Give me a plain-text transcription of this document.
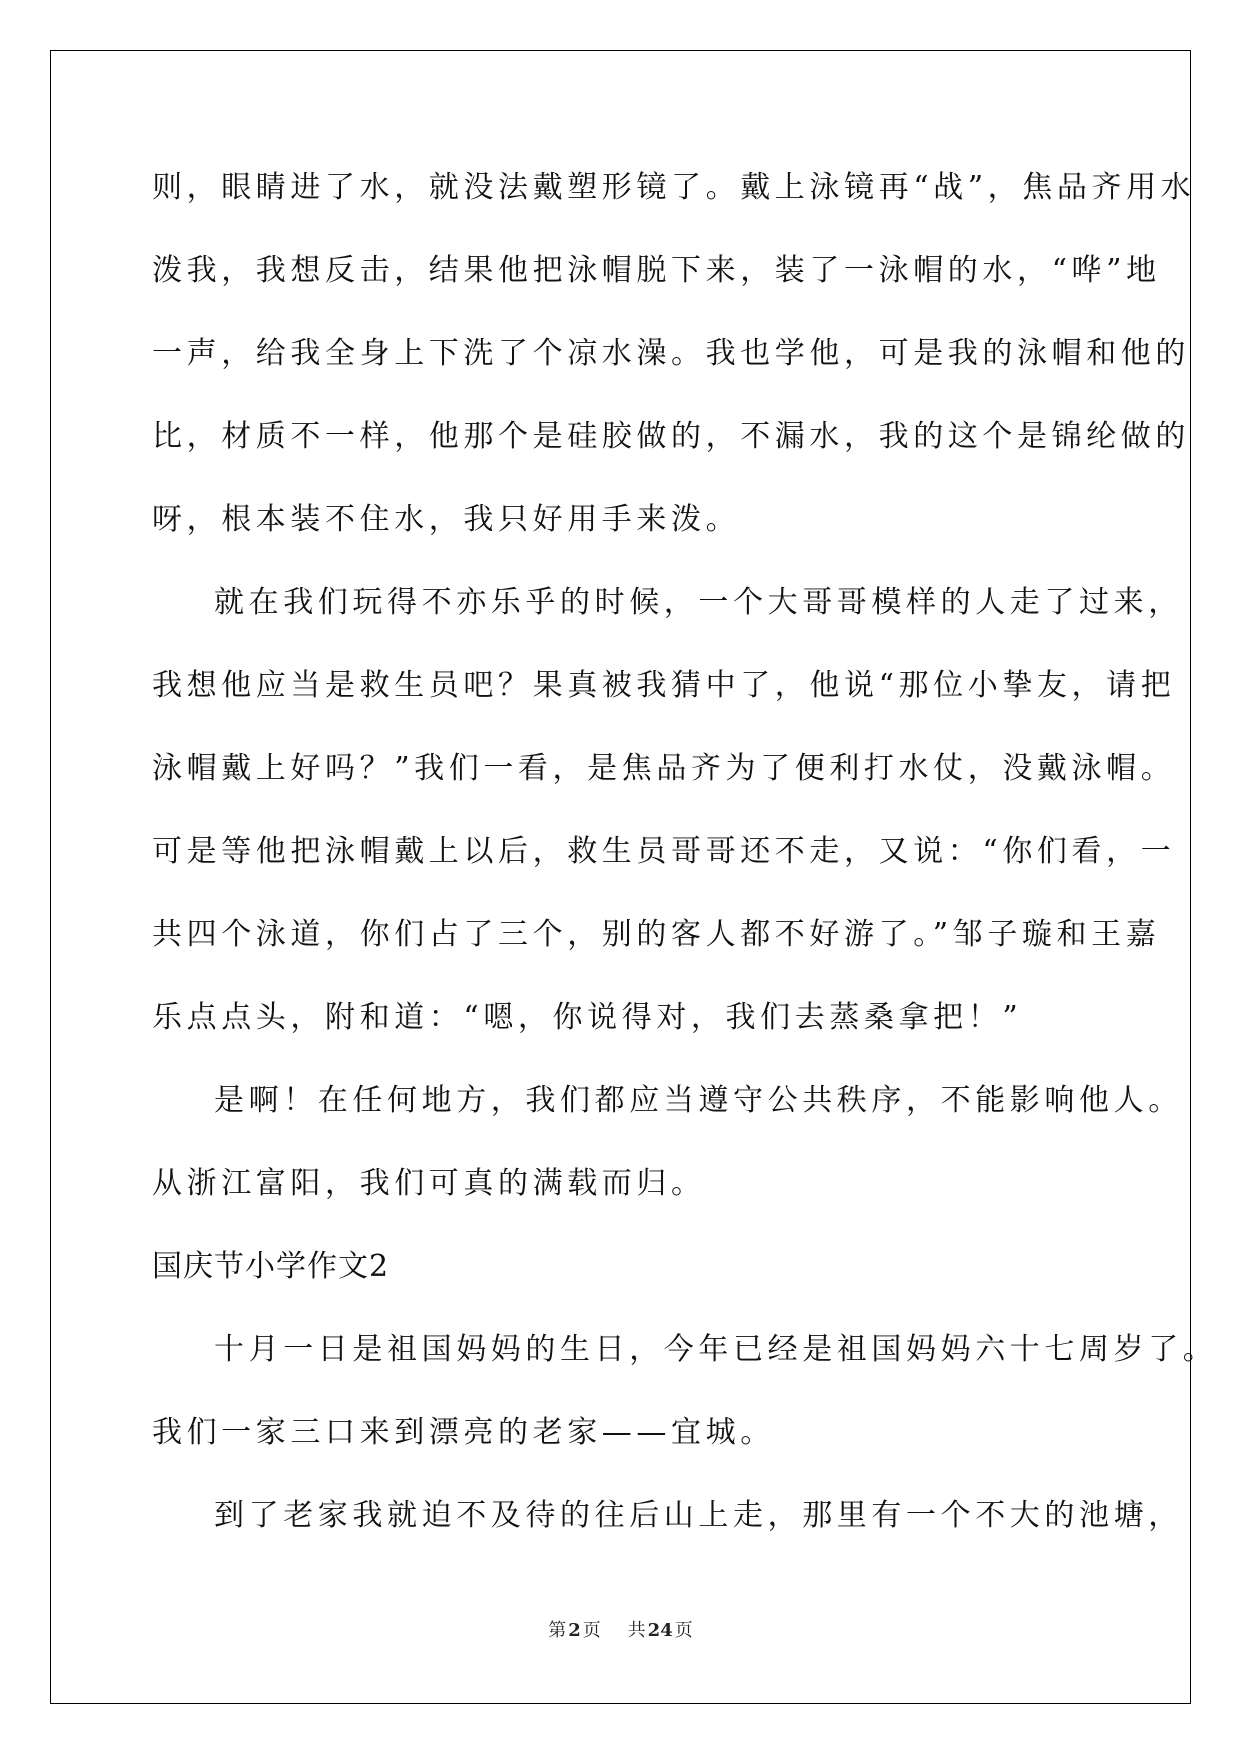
则，眼睛进了水，就没法戴塑形镜了。戴上泳镜再“战”，焦品齐用水
泼我，我想反击，结果他把泳帽脱下来，装了一泳帽的水，“哗”地
一声，给我全身上下洗了个凉水澡。我也学他，可是我的泳帽和他的
比，材质不一样，他那个是硅胶做的，不漏水，我的这个是锦纶做的
呀，根本装不住水，我只好用手来泼。
就在我们玩得不亦乐乎的时候，一个大哥哥模样的人走了过来，
我想他应当是救生员吧？果真被我猜中了，他说“那位小挚友，请把
泳帽戴上好吗？”我们一看，是焦品齐为了便利打水仗，没戴泳帽。
可是等他把泳帽戴上以后，救生员哥哥还不走，又说：“你们看，一
共四个泳道，你们占了三个，别的客人都不好游了。”邹子璇和王嘉
乐点点头，附和道：“嗯，你说得对，我们去蒸桑拿把！”
是啊！在任何地方，我们都应当遵守公共秩序，不能影响他人。
从浙江富阳，我们可真的满载而归。
国庆节小学作文2
十月一日是祖国妈妈的生日，今年已经是祖国妈妈六十七周岁了。
我们一家三口来到漂亮的老家——宜城。
到了老家我就迫不及待的往后山上走，那里有一个不大的池塘，
第 2 页 共 24 页
